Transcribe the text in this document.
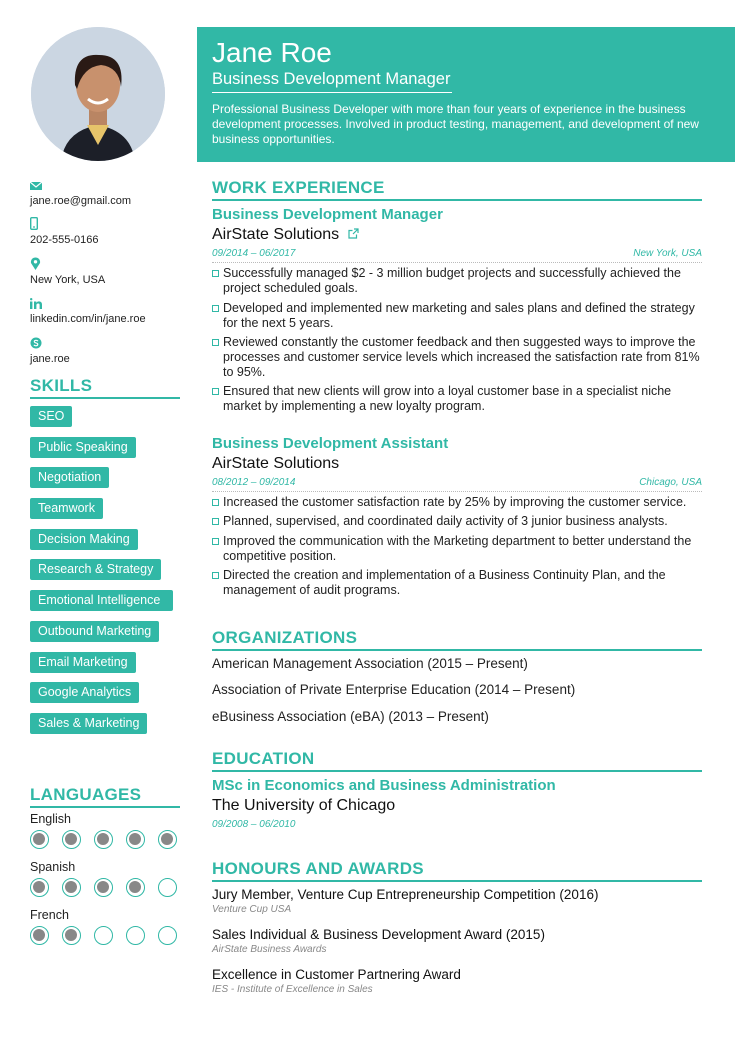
jane.roe@gmail.com
202-555-0166
New York, USA
linkedin.com/in/jane.roe
jane.roe
SKILLS
SEO
Public Speaking
Negotiation
Teamwork
Decision Making
Research & Strategy
Emotional Intelligence
Outbound Marketing
Email Marketing
Google Analytics
Sales & Marketing
LANGUAGES
English
Spanish
French
Jane Roe
Business Development Manager
Professional Business Developer with more than four years of experience in the business development processes. Involved in product testing, management, and development of new business opportunities.
WORK EXPERIENCE
Business Development Manager
AirState Solutions
09/2014 – 06/2017	New York, USA
Successfully managed $2 - 3 million budget projects and successfully achieved the project scheduled goals.
Developed and implemented new marketing and sales plans and defined the strategy for the next 5 years.
Reviewed constantly the customer feedback and then suggested ways to improve the processes and customer service levels which increased the satisfaction rate from 81% to 95%.
Ensured that new clients will grow into a loyal customer base in a specialist niche market by implementing a new loyalty program.
Business Development Assistant
AirState Solutions
08/2012 – 09/2014	Chicago, USA
Increased the customer satisfaction rate by 25% by improving the customer service.
Planned, supervised, and coordinated daily activity of 3 junior business analysts.
Improved the communication with the Marketing department to better understand the competitive position.
Directed the creation and implementation of a Business Continuity Plan, and the management of audit programs.
ORGANIZATIONS
American Management Association (2015 – Present)
Association of Private Enterprise Education (2014 – Present)
eBusiness Association (eBA) (2013 – Present)
EDUCATION
MSc in Economics and Business Administration
The University of Chicago
09/2008 – 06/2010
HONOURS AND AWARDS
Jury Member, Venture Cup Entrepreneurship Competition (2016)
Venture Cup USA
Sales Individual & Business Development Award (2015)
AirState Business Awards
Excellence in Customer Partnering Award
IES - Institute of Excellence in Sales
